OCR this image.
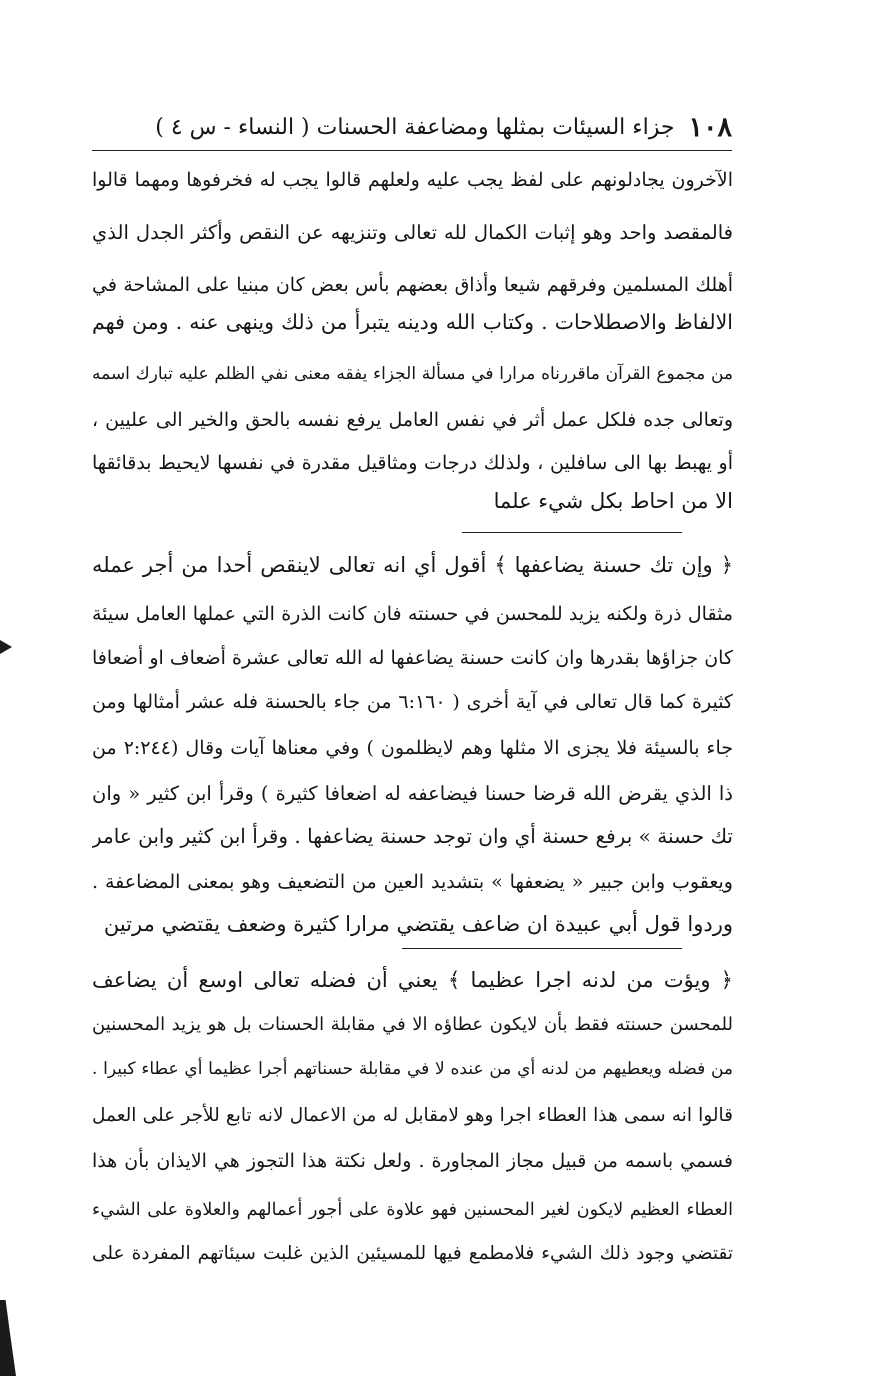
١٠٨
جزاء السيئات بمثلها ومضاعفة الحسنات ( النساء - س ٤ )
الآخرون يجادلونهم على لفظ يجب عليه ولعلهم قالوا يجب له فخرفوها ومهما قالوا
فالمقصد واحد وهو إثبات الكمال لله تعالى وتنزيهه عن النقص وأكثر الجدل الذي
أهلك المسلمين وفرقهم شيعا وأذاق بعضهم بأس بعض كان مبنيا على المشاحة في
الالفاظ والاصطلاحات . وكتاب الله ودينه يتبرأ من ذلك وينهى عنه . ومن فهم
من مجموع القرآن ماقررناه مرارا في مسألة الجزاء يفقه معنى نفي الظلم عليه تبارك اسمه
وتعالى جده فلكل عمل أثر في نفس العامل يرفع نفسه بالحق والخير الى عليين ،
أو يهبط بها الى سافلين ، ولذلك درجات ومثاقيل مقدرة في نفسها لايحيط بدقائقها
الا من احاط بكل شيء علما
﴿ وإن تك حسنة يضاعفها ﴾ أقول أي انه تعالى لاينقص أحدا من أجر عمله
مثقال ذرة ولكنه يزيد للمحسن في حسنته فان كانت الذرة التي عملها العامل سيئة
كان جزاؤها بقدرها وان كانت حسنة يضاعفها له الله تعالى عشرة أضعاف او أضعافا
كثيرة كما قال تعالى في آية أخرى ( ٦:١٦٠ من جاء بالحسنة فله عشر أمثالها ومن
جاء بالسيئة فلا يجزى الا مثلها وهم لايظلمون ) وفي معناها آيات وقال (٢:٢٤٤ من
ذا الذي يقرض الله قرضا حسنا فيضاعفه له اضعافا كثيرة ) وقرأ ابن كثير « وان
تك حسنة » برفع حسنة أي وان توجد حسنة يضاعفها . وقرأ ابن كثير وابن عامر
ويعقوب وابن جبير « يضعفها » بتشديد العين من التضعيف وهو بمعنى المضاعفة .
وردوا قول أبي عبيدة ان ضاعف يقتضي مرارا كثيرة وضعف يقتضي مرتين
﴿ ويؤت من لدنه اجرا عظيما ﴾ يعني أن فضله تعالى اوسع أن يضاعف
للمحسن حسنته فقط بأن لايكون عطاؤه الا في مقابلة الحسنات بل هو يزيد المحسنين
من فضله ويعطيهم من لدنه أي من عنده لا في مقابلة حسناتهم أجرا عظيما أي عطاء كبيرا .
قالوا انه سمى هذا العطاء اجرا وهو لامقابل له من الاعمال لانه تابع للأجر على العمل
فسمي باسمه من قبيل مجاز المجاورة . ولعل نكتة هذا التجوز هي الايذان بأن هذا
العطاء العظيم لايكون لغير المحسنين فهو علاوة على أجور أعمالهم والعلاوة على الشيء
تقتضي وجود ذلك الشيء فلامطمع فيها للمسيئين الذين غلبت سيئاتهم المفردة على
